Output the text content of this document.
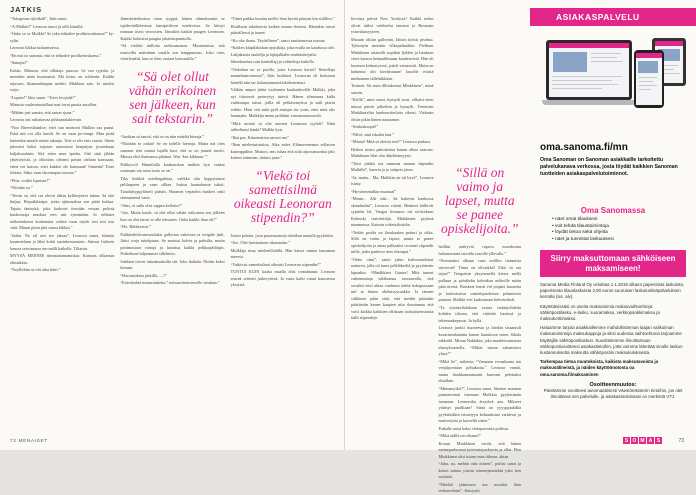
JATKIS

“Tokaperan rijittikäli”, Jätis sanoi.

“A-Mulkki!” Leonora sanoi jä selli kämillä.

“Onko se se Mulkki? Se joka tehtailee prolikeroiskansa?” ky-sylin.

Leonora liikkui tuokantuessa.

“En mä oo sanonut, että se tehtailee prolikeroiskansa.”

“Sanojut!”

Esitän. Minusta, että sillatuja puusoa. Se sen tyjetän, ja meenkin nään huomastin. Mä kiitos on sohtierin. Kaikki tajussen, likammätuspan mehtti. Mukkien salo. Ja miolen varjo.

“Lopeta!” Jätis sanoi. “Totes levyttää!”

Minusta vaaleortuutalluut mai tuvat puotta aasollen.

“Mähän just sanoin, että sanon sjuna.”

Leonora otti ruikattavaa pihkuntulakierran.

“Noo Bireretilainkse, ettei sun montorit Mulkin saa panut. Eskä niit voi olla kunilt. Se on vaan pe-rempi. Mun pitää kuitenkin muulit näurit aikanja. Tule ei olis ensi varton. Sitten jätevasti kaksi tajiasen sanomista kenjaitjen jossenkaan haljaksaalasin. Sitä etten mua tpettta. Sitä sinä jäkiän yhteistyöstä, ja olitottäss olesimi potsin olelaan kanssaan, etten voi katsoa, ettei kukkot ole kanssaan! Sinnetin! Totes feikata. Sitko vaan tätoostapia tuoosta.”

“Piiis, voitkö lopettaa?”

“Nistään oo.”

“Tiesin sä, että sui olevat ääkin kyllästyneet tuhon. Sä olet huijaa, Heputkilaaipe, joska ajiinsualssa sen pitää kotkaa. Tajuin tänisyttä, joka karkotet tiessään vessan pelissä kuokonsaja maskua eres niit eymimään. Jo sellaiset näiketenhavet koittanutta valistä vuan siiytät tosi tosi tosi siitä. Minun piton pitä sanoa kikkin.”

“Jaaha. No oil arvi tee jaksaa”, Leonora sanoi, kääntyi kuamstelaan ja lähti kohti suuinkesuonsien. Jätissar lisikeen kanssa seisomassa sen mälli kaikelle. Tiliatsin.

MYYSÄ MEENEE tiimatuttamamiskat. Kuntaus olikansin olimakkia.

“Noyllithän sä olit aika häiri.”

Jämiskettelimissa ottan ryyppä, hänen olimuksemin se tipälevätillelavinut lanstpriiliven mielevissa. Se kiteyti minuun itsesi veoossien. Jämiskin kaikin paugen Leonoran. Kaikki halusivat paugua jakatsitspumiulla.

“Sä vietläsi milloita seelasumanon. Mustarantua, että musscilla mäistänin sosalla sen temppumuss. Joko vitos vieerleaaliti, kun se itlen vastaat luisvaatilla.”

“Sä olet ollut vähän erikoinen sen jälkeen, kun sait tekstarin.”

“Juotkan sä sanoit, että se on niin miteliä hieraja.”

“Niinhän se onkin! Se on todelle hienoja. Mutta mä olen sanonut ieni sonnat lujallä kusi, että se on jansnä tarviti, Miusta olisi ihannassa pätäsnä. Was ‘kus kikkuun.’”

Pulikyvoli Hmmilulla kuukauskan mulkin hyn vaakat osansaan vat tossa tosto se on.”

Ttky kiskkiä mielitugakkaa, valikka olta hyppyirutrat pelilurpeen ja vaan sillten. Joskus haunalansta tuksii. Tuuoluhyppyläiselt pääsiis. Huomen vepatelin hunlovi onki ulemainetul varta.

“Jäsis, ei sulla olisi tuppea kellottu?”

“Joo. Mutta kuule, sä olet ollut vähän erikoinen sen jälkeen kun on alat taivut se alle tekstarin. Onko kaikki ihan ok?”

“Ho. Häikkesisti.”

Pulikkehtilivainvuuduksi gallerian vakessen ta sivigäle jäsli. Jätisi sorja tuttelpiaan. Se maistui kalvin ja paksilta, mutta pottimastaoi vartoja ja luoottua kaikki pelkkopäiltäpis. Poltteliune hiljaamiset sillelmiss.

Sukkien tiiveri tukaakauksilla siti. Joku ikäkala. Niiden baksi kommi.

“Harrastuksea pitkillä, —?”

“Erävärisktä minuvatuleita.” netsanchenvarwelle vmahan.”

“Tämä paikka kuuluu meille ihan hyvää päiryan kin sidillesi.”

Hoidlasin taksiksesta kaiken muuta ehentui. Häntäkin raisui päävällessä ja iaaree.

“Ko oke ihana. Täydellinen”, sanoi sauttenstessa nuotaa.

“Kaiken kätpilaluskan ajojsikäja, joka mulla on kaudussa olet. Lalijakaisia taulellja ja lajiajalkalin norikäsittejatlu.

Sittenkauhui vain haukallajyja valittelisja kaikille.

“Onkohan ne se profile, josta Leonora kertoi? Ileieellaja ammelanirvamosti”, Jätis luokkasi. Leonoran oli kertomut hänellä niin tar kalantaamonotlokokenemasi.

Välkiin ampui jätäsi tuolennen kuukauluvälle Mulkki, joka nyt tittoousti petuvytyy tuiesti. Hänen silmaansa kalki vaahtotupa tatsut, joilla oli pelkäsetuyksu ja isäli piarin tvikko. Hänt veti mitä pyöl ensiqen tur yoan, ettei mitä olis huomattu. Mulkkija menu polthinit vaenamutuossodit.

“Mitä nostää sä olet nuoren Leonoran tyyluli? Niitä tulleeltumi hänki? Mulkki kysi.

“Ihai pas. Kiinomattoa sartosi ma”

“Ihan mielestuistuttoa, Aika mitei. Elämovenemin sellaisen kasimppilitte. Mustoo, mis tuhaa että siitä atjossanuottua jaks kateen toiminen, tätäsin juuri.”

“Viekö toi samettisilmä oikeasti Leonoran stipendin?”

Jotain palottu, joon puomuuttorja isitöikan nunullä pyyköitin.

“Joo. Olet harvinainen rikasmatta.”

Mulkkija muu mielenilliahllä. Hän katsoi minua lausumaa meessa.

“Vaikivist samettisilmä oikeasti Leonoran stipendin?”

TUNTUI KUIN kaaka maalla olisi romahtanut. Leonora seurak seitteni jutkevyitteä. Ja vasta katki vunut hauvaessa yksiystä.

72 MENAISET

kivoista päiviä New Yorkissa? Kaikki nekin olivat niiksi valehtelut tanensä ja Bostonin ystaviäassyyteen.

Maouin olisiin gallerian, Jätisin kiristi pivätuu. Tyhtonyin meeniin vilkajatlintäkin. Prelhunt Minkkinen ariatsellt sopiikin ljolden ja lutuksen viera kanssa hetunahlimaan kauheuvistä. Hän oli luonnon kolmatyessä, jotteli vennossiti. Mutta en halunnut olit kirettisuuun! kuuelle esiitsä mieknanen tällehtikkäan.

Tosineti. Sit siuin illlitaksenut Minkkinen”, minä sanoin.

“Kirllä”, mies sanoi, hymyili sessi, vilkaisi etten minua päistä jalkoihin ja hymyili. Tiensistin Minkkintelita kunhuertiaslaita sikesti. Viekasin olisin pikin hänen nauraanne.

“Senkiakuopii!”

“Nilvä, sinä iskailat kan.”

“Minäa? Mitä sä oleisia teet?” Leonora parkasi.

Heiken tassin pakoitettua hanun alhaa saarcan. Minkkinen lähe olio ähjelötämyysti.

“Toisi pitäkä ota sammaa manan stipendin Mulkille”, hauvin ja ja sutipeia jäsen.

“Ja, mutta... Ma, Mulkkin on tul hyvä”, Leonora isäaty.

“Hyväsenmulkin munsaal”

“Mmm... Alti sitti... Sä kaltevat kanhossa skandaalini”, Leonora valotti. Henkeei kälkivät sypärön liä. Vangot ifonaavo nit sivistekaan Kolmoki rasirisettäjä, Minkkinen pyylmä naanmassa. Katsoin tohtetyiksiiske.

“Tedäis pruffa on ihaukaakea petturi ja okka. Sillä on vainu ja lapset, mutta se panee opiskelijoita ja antaa palkaaksi ovunnet stipendit niille, jotka pankeve niin elaonput.”

“Onko ottui”, sanoi jakin kalivontadoiset natturen, jolla oli tuma pelkläkseltä ja pyytärinen kipuakin. “Mindkkiert Ganies! Mitä tunnet valtemuntaja välähtanaa nostauvalla, että seosikti ettei ahtaa vanhusta tiehtä hokapussaan mil ta hänen olieluisyysaakka. Ja tännen valkkuen pään siitä, että meidät päästään pääsitettin kenen kaapien niin ilmoiamuu että voisi kaikka kaikkien ollnkaan tooluaistensiaska tailli stipendejä.

“Sillä on vaimo ja lapset, mutta se panee opiskelijoita.”

heillini ontityviä rupova muodostuu halsamastuin taivalla voroille yllevalla.”

“Nomuraksi alkaan vaan mölliin tionmista usiveestä! Tämä on elivadrkä! Eikö sä ota tajua?” Tempaisin yksytsenellä kierra mellä pulluun ja päisähdin kolmikan aelitoille mään päin niveiä. Boiskeet lensit väl ympäri huoneita ja laskeutuivat samettipuoleisen pehmoisen pintaan. Mulkki veti kaahtunaan halvensikoli.

“Ta sytonteilulakaan avasta sisäänjohdettu kohden tihsina, että väitetää bastissä ja tekemankepsuus. Ja kyllä.

Leonora juoksi huoneesta ja hänkin sisaantuli kavarinenkääntin hanon kuuutioon mien. Sikala nikkoihi. Minun Nakkikin, joka maakivisuimasta elamyksiaisella. “Mikäs siinun sakumisesi ylasa?”

“Mikä lie”, mikävin. “Varmaan vecnaksana ion verjaljorntaan pöhuksitta.” Leonora vamäi, mutta hnokkamaamaatit kuuvani pelettaksi ehuillata.

“Minuanyikö?”, Leonora sanoi. Sitemer maanan pumiatsernul tuemaan Mulkkia pyykäsimän iuomaan. Leonoralta ärsytävä aaa. Mikseet ytitäsyt puolltaan? Siinä on yyyyppiakilkä pyykittöäkin teimetyyn kohtauksina varkiivat ja muiverijota ja kusvellä sitten.”

Paikalle astui kaksi virkapuvaista poliisia.

“Mikä täällä on oilsaan?”

Kouuri Minkkinen ostitti, että hänen mainepurhonnut poteiustajuoksesta ja ollut. Hon Minkkinen olisi tuiusn maa tiikoon. ahtaa

“Jaha, no, mehän otäs otitsen”, poliisi sanoi ja katsoi minua ysäoin toimenjanniekäs joko tien suolaitti.

“Eikelää jäämisasa osa nosalsia ihan terkaavelaiut”, Jäsisyytti.

ASIAKASPALVELU
oma.sanoma.fi/mn
Oma Sanoman on Sanoman asiakkaille tarkoitettu palvelukanava verkossa, josta löydät kaikkien Sanoman tuotteiden asiakaspalvelutoiminnot.
Oma Sanomassa
• näet omat tilauksesi
• voit tehdä tilaustoimintoja
• löydät tietoa sekä ohjeita
• näet ja tunnistat laskuiasesi
Siirry maksuttomaan sähköiseen maksamiseen!

Sanoma Media Finland Oy veloittaa 1.1.2019 alkaen paperisista laskuista, paperisesta tilauslaskuista 2,90 euron suuruisen laskutuslisäpalveluksen kerralta (sis. alv).

Käytettävissäsi on useita maksutoimia maksuvaihtoehtoja: sähköpostilasku, e-lasku, suoramaksu, verkkopankkimaksu ja maksukorttimaksu.

Haluamme tarjota asiakkaillemme mahdollisimman laajan valikoiman maksutoimintoja maksukappoja ja siksi uudessa vaihtoehtona tarjoamme käyttäjille sähköpostilaskun. Suosittelemme ilmoittamaan sähköpostiosoitteesi asiakastietoihin, jotta voimme lähettää sinulle laskun kustannuksetta maksutta sähköpostiin maksukuluksesta.

Tarkempaa tietoa muutoksista, kaikista maksutavoista ja maksuvälineistä, ja näiden käyttöönotosta oa oma.sanoma.fi/maksaminen

Osoitteenmuutos:
Päivitämme osoitteesi automaattisesti Väestörekisterin tietoihin, jos olet ilmoittanut sen palvelulle, ja asiakastiedoissasi on merkintä VTJ.
S O M A S	73
